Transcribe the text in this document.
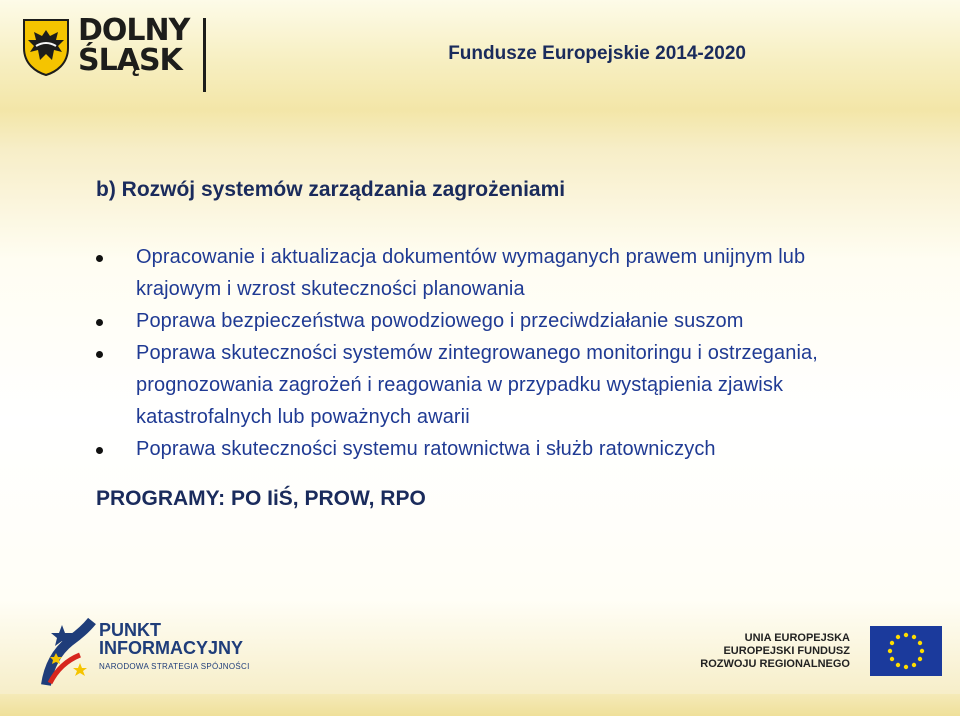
DOLNY
ŚLĄSK	Fundusze Europejskie 2014-2020
b) Rozwój systemów zarządzania zagrożeniami
Opracowanie i aktualizacja dokumentów wymaganych prawem unijnym lub krajowym i wzrost skuteczności planowania
Poprawa bezpieczeństwa powodziowego i przeciwdziałanie suszom
Poprawa skuteczności systemów zintegrowanego monitoringu i ostrzegania, prognozowania zagrożeń i reagowania w przypadku wystąpienia zjawisk katastrofalnych lub poważnych awarii
Poprawa skuteczności systemu ratownictwa i służb ratowniczych
PROGRAMY: PO IiŚ, PROW, RPO
PUNKT
INFORMACYJNY
NARODOWA STRATEGIA SPÓJNOŚCI
UNIA EUROPEJSKA
EUROPEJSKI FUNDUSZ
ROZWOJU REGIONALNEGO
